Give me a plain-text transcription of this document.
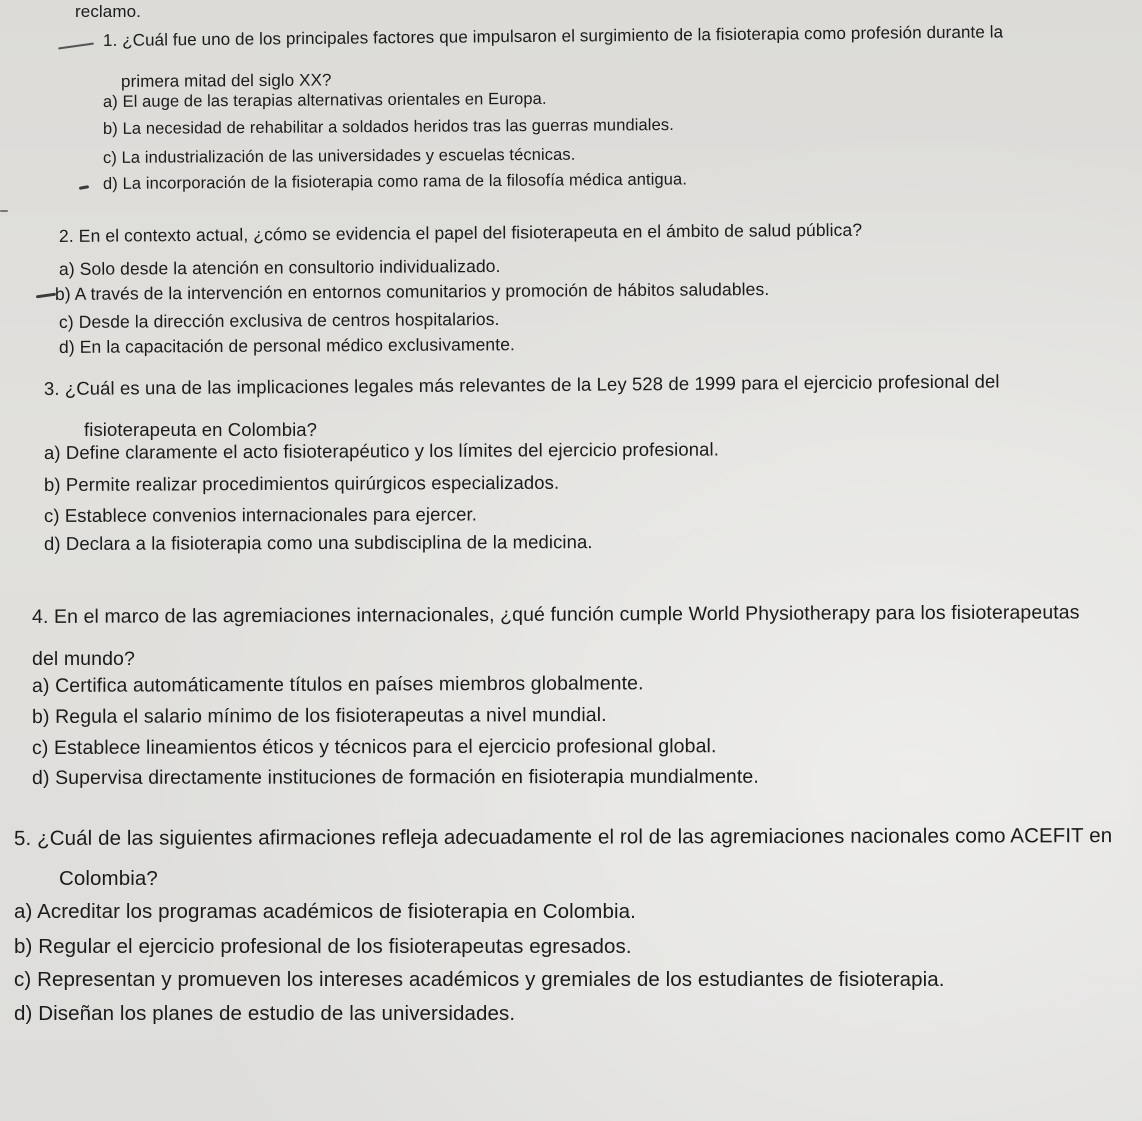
reclamo.
1. ¿Cuál fue uno de los principales factores que impulsaron el surgimiento de la fisioterapia como profesión durante la
primera mitad del siglo XX?
a) El auge de las terapias alternativas orientales en Europa.
b) La necesidad de rehabilitar a soldados heridos tras las guerras mundiales.
c) La industrialización de las universidades y escuelas técnicas.
d) La incorporación de la fisioterapia como rama de la filosofía médica antigua.
2. En el contexto actual, ¿cómo se evidencia el papel del fisioterapeuta en el ámbito de salud pública?
a) Solo desde la atención en consultorio individualizado.
b) A través de la intervención en entornos comunitarios y promoción de hábitos saludables.
c) Desde la dirección exclusiva de centros hospitalarios.
d) En la capacitación de personal médico exclusivamente.
3. ¿Cuál es una de las implicaciones legales más relevantes de la Ley 528 de 1999 para el ejercicio profesional del
fisioterapeuta en Colombia?
a) Define claramente el acto fisioterapéutico y los límites del ejercicio profesional.
b) Permite realizar procedimientos quirúrgicos especializados.
c) Establece convenios internacionales para ejercer.
d) Declara a la fisioterapia como una subdisciplina de la medicina.
4. En el marco de las agremiaciones internacionales, ¿qué función cumple World Physiotherapy para los fisioterapeutas
del mundo?
a) Certifica automáticamente títulos en países miembros globalmente.
b) Regula el salario mínimo de los fisioterapeutas a nivel mundial.
c) Establece lineamientos éticos y técnicos para el ejercicio profesional global.
d) Supervisa directamente instituciones de formación en fisioterapia mundialmente.
5. ¿Cuál de las siguientes afirmaciones refleja adecuadamente el rol de las agremiaciones nacionales como ACEFIT en
Colombia?
a) Acreditar los programas académicos de fisioterapia en Colombia.
b) Regular el ejercicio profesional de los fisioterapeutas egresados.
c) Representan y promueven los intereses académicos y gremiales de los estudiantes de fisioterapia.
d) Diseñan los planes de estudio de las universidades.
